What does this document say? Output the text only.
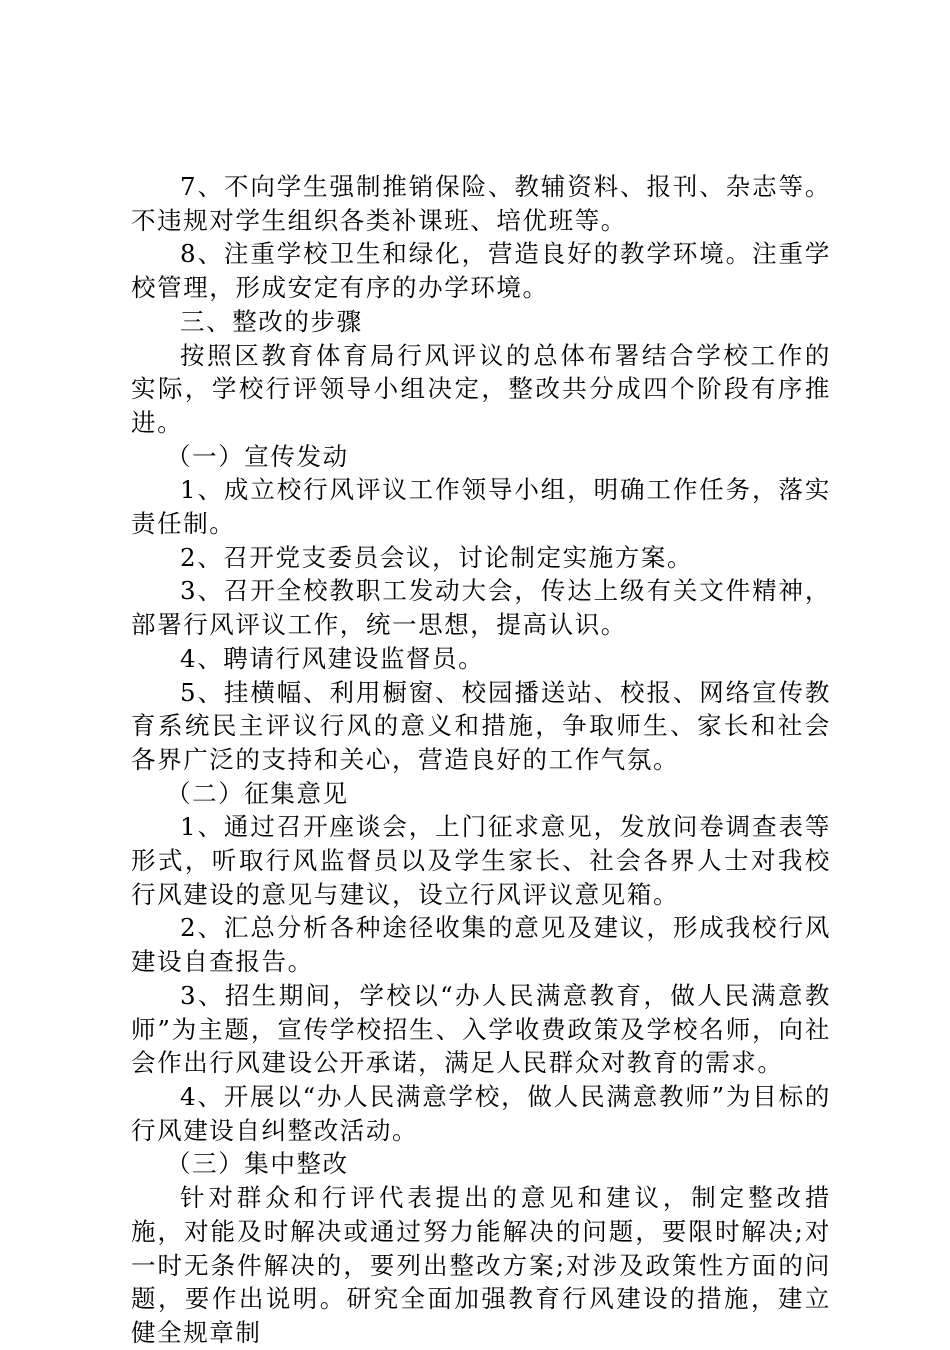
7、不向学生强制推销保险、教辅资料、报刊、杂志等。不违规对学生组织各类补课班、培优班等。

8、注重学校卫生和绿化，营造良好的教学环境。注重学校管理，形成安定有序的办学环境。

三、整改的步骤

按照区教育体育局行风评议的总体布署结合学校工作的实际，学校行评领导小组决定，整改共分成四个阶段有序推进。

（一）宣传发动

1、成立校行风评议工作领导小组，明确工作任务，落实责任制。

2、召开党支委员会议，讨论制定实施方案。

3、召开全校教职工发动大会，传达上级有关文件精神，部署行风评议工作，统一思想，提高认识。

4、聘请行风建设监督员。

5、挂横幅、利用橱窗、校园播送站、校报、网络宣传教育系统民主评议行风的意义和措施，争取师生、家长和社会各界广泛的支持和关心，营造良好的工作气氛。

（二）征集意见

1、通过召开座谈会，上门征求意见，发放问卷调查表等形式，听取行风监督员以及学生家长、社会各界人士对我校行风建设的意见与建议，设立行风评议意见箱。

2、汇总分析各种途径收集的意见及建议，形成我校行风建设自查报告。

3、招生期间，学校以“办人民满意教育，做人民满意教师”为主题，宣传学校招生、入学收费政策及学校名师，向社会作出行风建设公开承诺，满足人民群众对教育的需求。

4、开展以“办人民满意学校，做人民满意教师”为目标的行风建设自纠整改活动。

（三）集中整改

针对群众和行评代表提出的意见和建议，制定整改措施，对能及时解决或通过努力能解决的问题，要限时解决;对一时无条件解决的，要列出整改方案;对涉及政策性方面的问题，要作出说明。研究全面加强教育行风建设的措施，建立健全规章制
